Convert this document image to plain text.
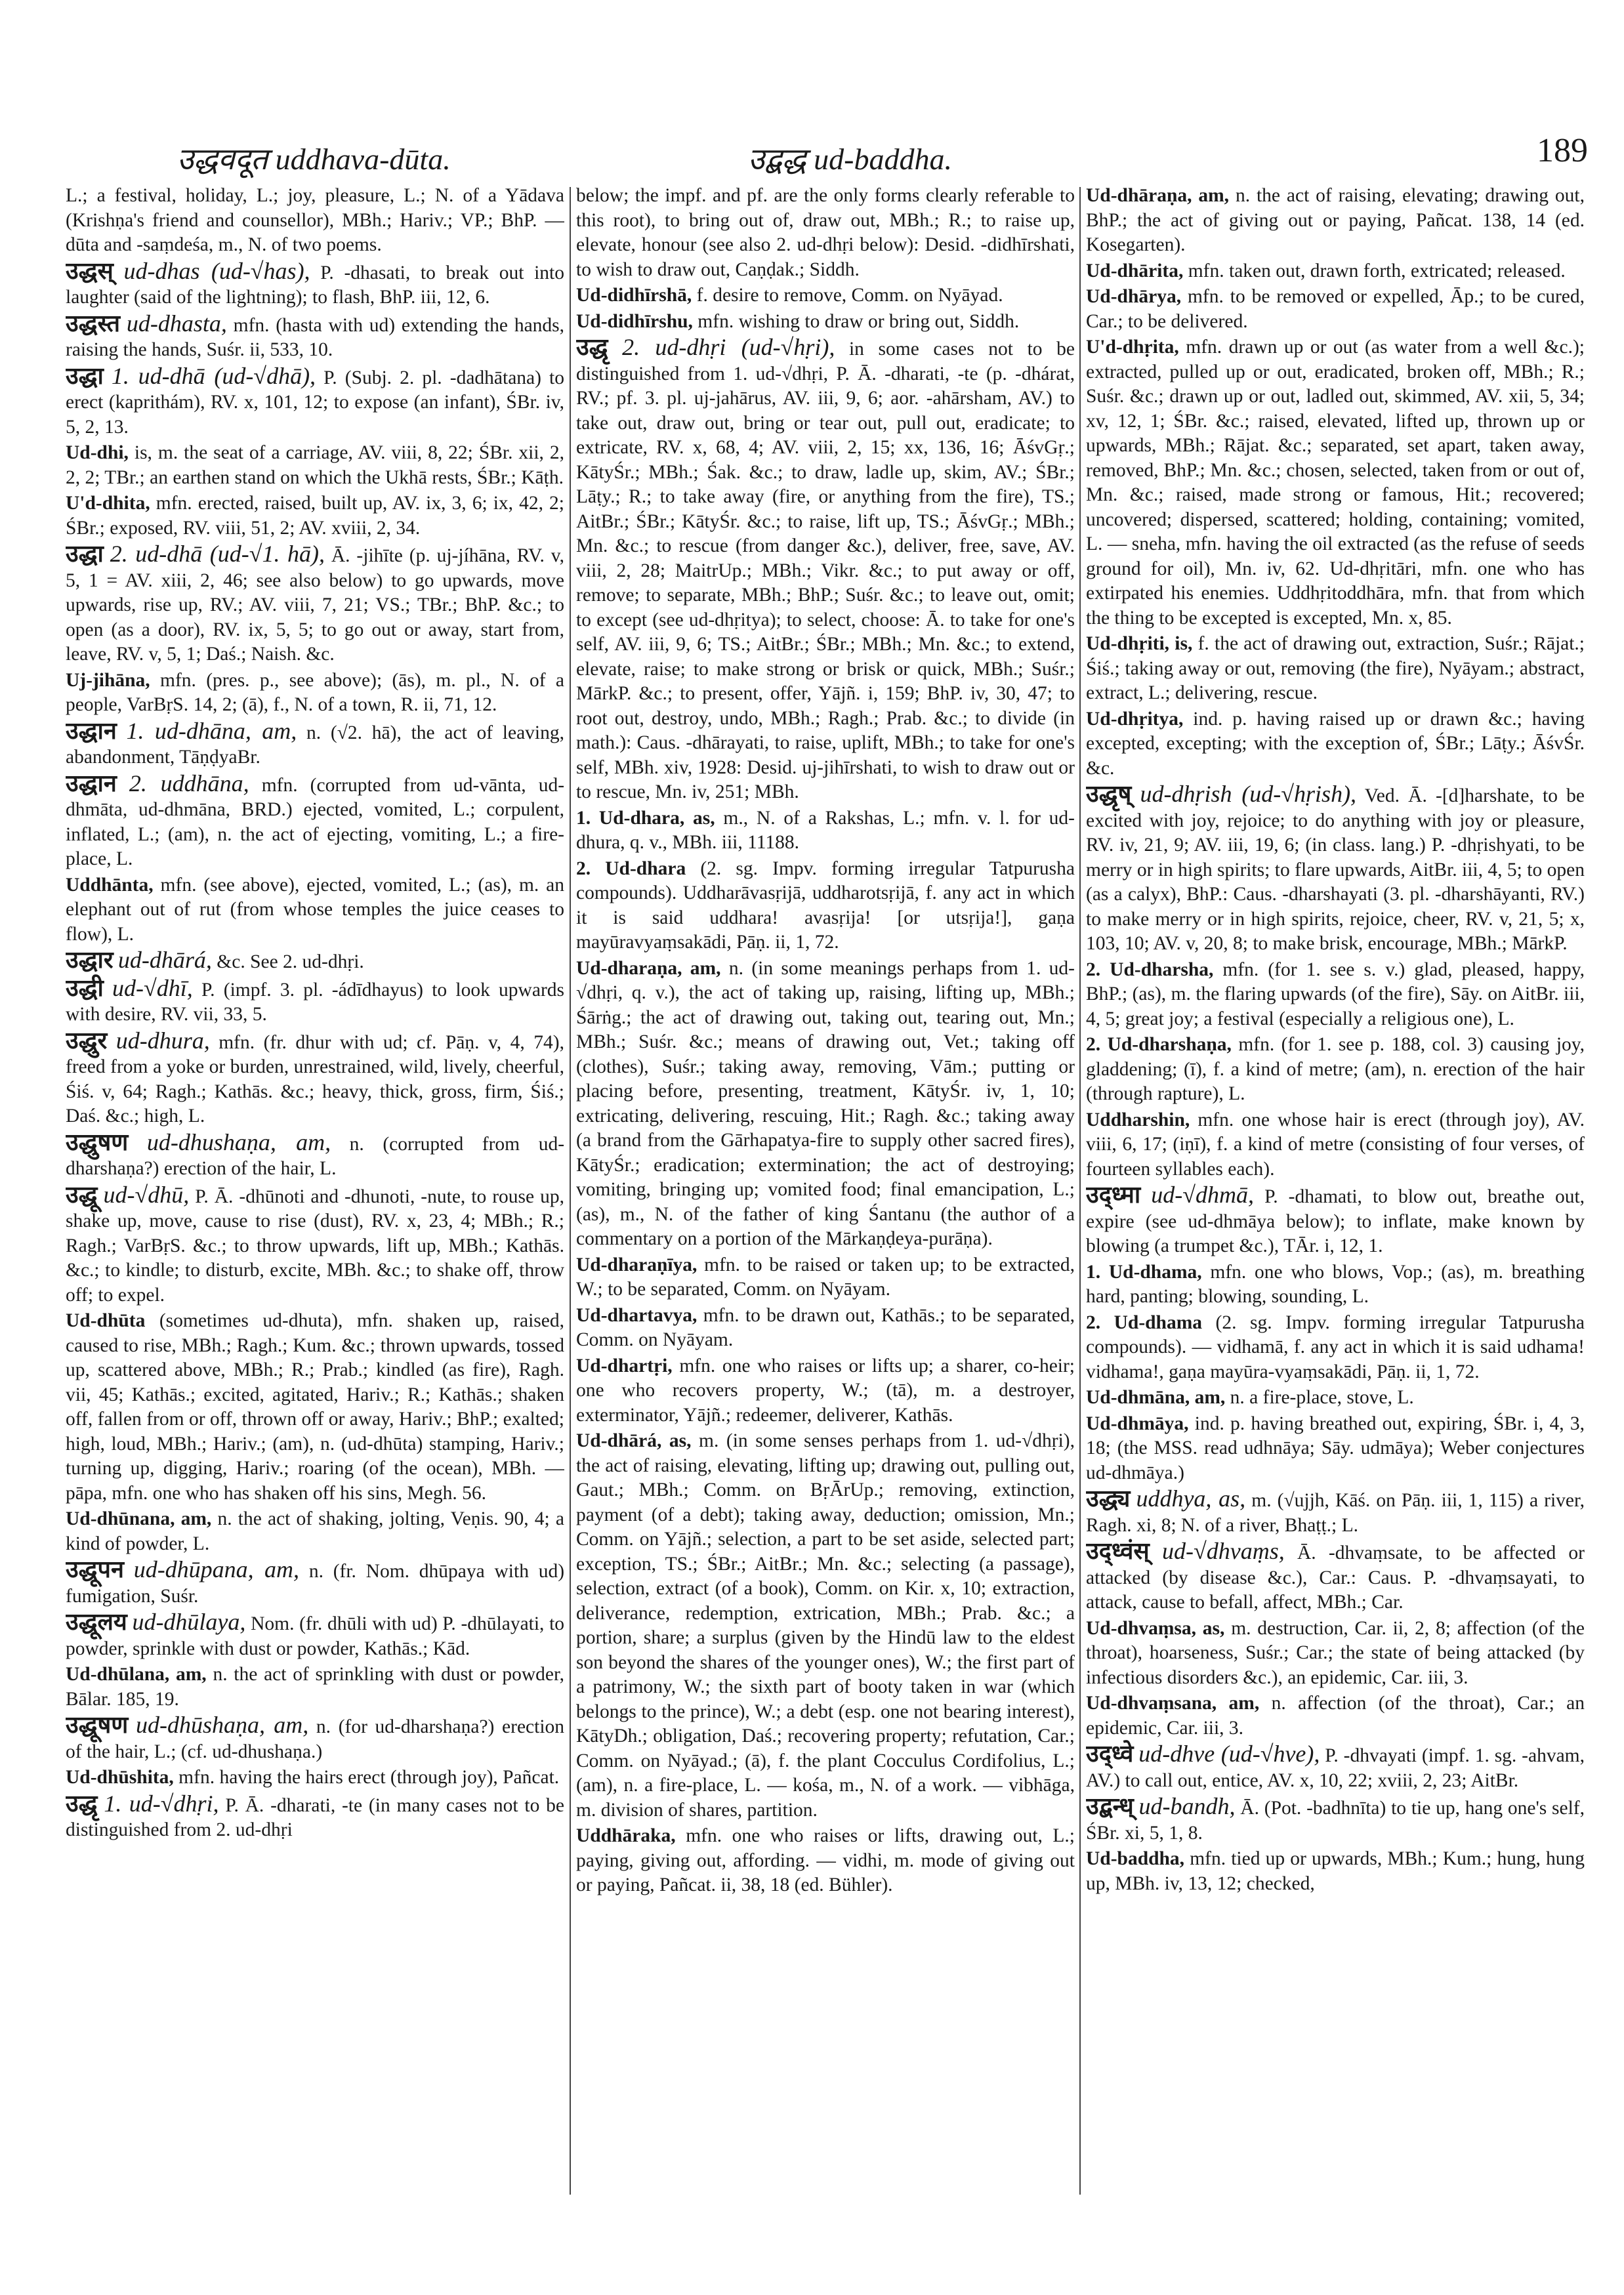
उद्धवदूत uddhava-dūta.	उद्बद्ध ud-baddha.	189

L.; a festival, holiday, L.; joy, pleasure, L.; N. of a Yādava (Krishṇa's friend and counsellor), MBh.; Hariv.; VP.; BhP. — dūta and -saṃdeśa, m., N. of two poems.

उद्धस् ud-dhas (ud-√has), P. -dhasati, to break out into laughter (said of the lightning); to flash, BhP. iii, 12, 6.

उद्धस्त ud-dhasta, mfn. (hasta with ud) extending the hands, raising the hands, Suśr. ii, 533, 10.

उद्धा 1. ud-dhā (ud-√dhā), P. (Subj. 2. pl. -dadhātana) to erect (kaprithám), RV. x, 101, 12; to expose (an infant), ŚBr. iv, 5, 2, 13.

Ud-dhi, is, m. the seat of a carriage, AV. viii, 8, 22; ŚBr. xii, 2, 2, 2; TBr.; an earthen stand on which the Ukhā rests, ŚBr.; Kāṭh.

U'd-dhita, mfn. erected, raised, built up, AV. ix, 3, 6; ix, 42, 2; ŚBr.; exposed, RV. viii, 51, 2; AV. xviii, 2, 34.

उद्धा 2. ud-dhā (ud-√1. hā), Ā. -jihīte (p. uj-jíhāna, RV. v, 5, 1 = AV. xiii, 2, 46; see also below) to go upwards, move upwards, rise up, RV.; AV. viii, 7, 21; VS.; TBr.; BhP. &c.; to open (as a door), RV. ix, 5, 5; to go out or away, start from, leave, RV. v, 5, 1; Daś.; Naish. &c.

Uj-jihāna, mfn. (pres. p., see above); (ās), m. pl., N. of a people, VarBṛS. 14, 2; (ā), f., N. of a town, R. ii, 71, 12.

उद्धान 1. ud-dhāna, am, n. (√2. hā), the act of leaving, abandonment, TāṇḍyaBr.

उद्धान 2. uddhāna, mfn. (corrupted from ud-vānta, ud-dhmāta, ud-dhmāna, BRD.) ejected, vomited, L.; corpulent, inflated, L.; (am), n. the act of ejecting, vomiting, L.; a fire-place, L.

Uddhānta, mfn. (see above), ejected, vomited, L.; (as), m. an elephant out of rut (from whose temples the juice ceases to flow), L.

उद्धार ud-dhārá, &c. See 2. ud-dhṛi.

उद्धी ud-√dhī, P. (impf. 3. pl. -ádīdhayus) to look upwards with desire, RV. vii, 33, 5.

उद्धुर ud-dhura, mfn. (fr. dhur with ud; cf. Pāṇ. v, 4, 74), freed from a yoke or burden, unrestrained, wild, lively, cheerful, Śiś. v, 64; Ragh.; Kathās. &c.; heavy, thick, gross, firm, Śiś.; Daś. &c.; high, L.

उद्धुषण ud-dhushaṇa, am, n. (corrupted from ud-dharshaṇa?) erection of the hair, L.

उद्धू ud-√dhū, P. Ā. -dhūnoti and -dhunoti, -nute, to rouse up, shake up, move, cause to rise (dust), RV. x, 23, 4; MBh.; R.; Ragh.; VarBṛS. &c.; to throw upwards, lift up, MBh.; Kathās. &c.; to kindle; to disturb, excite, MBh. &c.; to shake off, throw off; to expel.

Ud-dhūta (sometimes ud-dhuta), mfn. shaken up, raised, caused to rise, MBh.; Ragh.; Kum. &c.; thrown upwards, tossed up, scattered above, MBh.; R.; Prab.; kindled (as fire), Ragh. vii, 45; Kathās.; excited, agitated, Hariv.; R.; Kathās.; shaken off, fallen from or off, thrown off or away, Hariv.; BhP.; exalted; high, loud, MBh.; Hariv.; (am), n. (ud-dhūta) stamping, Hariv.; turning up, digging, Hariv.; roaring (of the ocean), MBh. — pāpa, mfn. one who has shaken off his sins, Megh. 56.

Ud-dhūnana, am, n. the act of shaking, jolting, Veṇis. 90, 4; a kind of powder, L.

उद्धूपन ud-dhūpana, am, n. (fr. Nom. dhūpaya with ud) fumigation, Suśr.

उद्धूलय ud-dhūlaya, Nom. (fr. dhūli with ud) P. -dhūlayati, to powder, sprinkle with dust or powder, Kathās.; Kād.

Ud-dhūlana, am, n. the act of sprinkling with dust or powder, Bālar. 185, 19.

उद्धूषण ud-dhūshaṇa, am, n. (for ud-dharshaṇa?) erection of the hair, L.; (cf. ud-dhushaṇa.)

Ud-dhūshita, mfn. having the hairs erect (through joy), Pañcat.

उद्धृ 1. ud-√dhṛi, P. Ā. -dharati, -te (in many cases not to be distinguished from 2. ud-dhṛi

below; the impf. and pf. are the only forms clearly referable to this root), to bring out of, draw out, MBh.; R.; to raise up, elevate, honour (see also 2. ud-dhṛi below): Desid. -didhīrshati, to wish to draw out, Caṇḍak.; Siddh.

Ud-didhīrshā, f. desire to remove, Comm. on Nyāyad.

Ud-didhīrshu, mfn. wishing to draw or bring out, Siddh.

उद्धृ 2. ud-dhṛi (ud-√hṛi), in some cases not to be distinguished from 1. ud-√dhṛi, P. Ā. -dharati, -te (p. -dhárat, RV.; pf. 3. pl. uj-jahārus, AV. iii, 9, 6; aor. -ahārsham, AV.) to take out, draw out, bring or tear out, pull out, eradicate; to extricate, RV. x, 68, 4; AV. viii, 2, 15; xx, 136, 16; ĀśvGṛ.; KātyŚr.; MBh.; Śak. &c.; to draw, ladle up, skim, AV.; ŚBr.; Lāṭy.; R.; to take away (fire, or anything from the fire), TS.; AitBr.; ŚBr.; KātyŚr. &c.; to raise, lift up, TS.; ĀśvGṛ.; MBh.; Mn. &c.; to rescue (from danger &c.), deliver, free, save, AV. viii, 2, 28; MaitrUp.; MBh.; Vikr. &c.; to put away or off, remove; to separate, MBh.; BhP.; Suśr. &c.; to leave out, omit; to except (see ud-dhṛitya); to select, choose: Ā. to take for one's self, AV. iii, 9, 6; TS.; AitBr.; ŚBr.; MBh.; Mn. &c.; to extend, elevate, raise; to make strong or brisk or quick, MBh.; Suśr.; MārkP. &c.; to present, offer, Yājñ. i, 159; BhP. iv, 30, 47; to root out, destroy, undo, MBh.; Ragh.; Prab. &c.; to divide (in math.): Caus. -dhārayati, to raise, uplift, MBh.; to take for one's self, MBh. xiv, 1928: Desid. uj-jihīrshati, to wish to draw out or to rescue, Mn. iv, 251; MBh.

1. Ud-dhara, as, m., N. of a Rakshas, L.; mfn. v. l. for ud-dhura, q. v., MBh. iii, 11188.

2. Ud-dhara (2. sg. Impv. forming irregular Tatpurusha compounds). Uddharāvasṛijā, uddharotsṛijā, f. any act in which it is said uddhara! avasṛija! [or utsṛija!], gaṇa mayūravyaṃsakādi, Pāṇ. ii, 1, 72.

Ud-dharaṇa, am, n. (in some meanings perhaps from 1. ud-√dhṛi, q. v.), the act of taking up, raising, lifting up, MBh.; Śārṅg.; the act of drawing out, taking out, tearing out, Mn.; MBh.; Suśr. &c.; means of drawing out, Vet.; taking off (clothes), Suśr.; taking away, removing, Vām.; putting or placing before, presenting, treatment, KātyŚr. iv, 1, 10; extricating, delivering, rescuing, Hit.; Ragh. &c.; taking away (a brand from the Gārhapatya-fire to supply other sacred fires), KātyŚr.; eradication; extermination; the act of destroying; vomiting, bringing up; vomited food; final emancipation, L.; (as), m., N. of the father of king Śantanu (the author of a commentary on a portion of the Mārkaṇḍeya-purāṇa).

Ud-dharaṇīya, mfn. to be raised or taken up; to be extracted, W.; to be separated, Comm. on Nyāyam.

Ud-dhartavya, mfn. to be drawn out, Kathās.; to be separated, Comm. on Nyāyam.

Ud-dhartṛi, mfn. one who raises or lifts up; a sharer, co-heir; one who recovers property, W.; (tā), m. a destroyer, exterminator, Yājñ.; redeemer, deliverer, Kathās.

Ud-dhārá, as, m. (in some senses perhaps from 1. ud-√dhṛi), the act of raising, elevating, lifting up; drawing out, pulling out, Gaut.; MBh.; Comm. on BṛĀrUp.; removing, extinction, payment (of a debt); taking away, deduction; omission, Mn.; Comm. on Yājñ.; selection, a part to be set aside, selected part; exception, TS.; ŚBr.; AitBr.; Mn. &c.; selecting (a passage), selection, extract (of a book), Comm. on Kir. x, 10; extraction, deliverance, redemption, extrication, MBh.; Prab. &c.; a portion, share; a surplus (given by the Hindū law to the eldest son beyond the shares of the younger ones), W.; the first part of a patrimony, W.; the sixth part of booty taken in war (which belongs to the prince), W.; a debt (esp. one not bearing interest), KātyDh.; obligation, Daś.; recovering property; refutation, Car.; Comm. on Nyāyad.; (ā), f. the plant Cocculus Cordifolius, L.; (am), n. a fire-place, L. — kośa, m., N. of a work. — vibhāga, m. division of shares, partition.

Uddhāraka, mfn. one who raises or lifts, drawing out, L.; paying, giving out, affording. — vidhi, m. mode of giving out or paying, Pañcat. ii, 38, 18 (ed. Bühler).

Ud-dhāraṇa, am, n. the act of raising, elevating; drawing out, BhP.; the act of giving out or paying, Pañcat. 138, 14 (ed. Kosegarten).

Ud-dhārita, mfn. taken out, drawn forth, extricated; released.

Ud-dhārya, mfn. to be removed or expelled, Āp.; to be cured, Car.; to be delivered.

U'd-dhṛita, mfn. drawn up or out (as water from a well &c.); extracted, pulled up or out, eradicated, broken off, MBh.; R.; Suśr. &c.; drawn up or out, ladled out, skimmed, AV. xii, 5, 34; xv, 12, 1; ŚBr. &c.; raised, elevated, lifted up, thrown up or upwards, MBh.; Rājat. &c.; separated, set apart, taken away, removed, BhP.; Mn. &c.; chosen, selected, taken from or out of, Mn. &c.; raised, made strong or famous, Hit.; recovered; uncovered; dispersed, scattered; holding, containing; vomited, L. — sneha, mfn. having the oil extracted (as the refuse of seeds ground for oil), Mn. iv, 62. Ud-dhṛitāri, mfn. one who has extirpated his enemies. Uddhṛitoddhāra, mfn. that from which the thing to be excepted is excepted, Mn. x, 85.

Ud-dhṛiti, is, f. the act of drawing out, extraction, Suśr.; Rājat.; Śiś.; taking away or out, removing (the fire), Nyāyam.; abstract, extract, L.; delivering, rescue.

Ud-dhṛitya, ind. p. having raised up or drawn &c.; having excepted, excepting; with the exception of, ŚBr.; Lāṭy.; ĀśvŚr. &c.

उद्धृष् ud-dhṛish (ud-√hṛish), Ved. Ā. -[d]harshate, to be excited with joy, rejoice; to do anything with joy or pleasure, RV. iv, 21, 9; AV. iii, 19, 6; (in class. lang.) P. -dhṛishyati, to be merry or in high spirits; to flare upwards, AitBr. iii, 4, 5; to open (as a calyx), BhP.: Caus. -dharshayati (3. pl. -dharshāyanti, RV.) to make merry or in high spirits, rejoice, cheer, RV. v, 21, 5; x, 103, 10; AV. v, 20, 8; to make brisk, encourage, MBh.; MārkP.

2. Ud-dharsha, mfn. (for 1. see s. v.) glad, pleased, happy, BhP.; (as), m. the flaring upwards (of the fire), Sāy. on AitBr. iii, 4, 5; great joy; a festival (especially a religious one), L.

2. Ud-dharshaṇa, mfn. (for 1. see p. 188, col. 3) causing joy, gladdening; (ī), f. a kind of metre; (am), n. erection of the hair (through rapture), L.

Uddharshin, mfn. one whose hair is erect (through joy), AV. viii, 6, 17; (iṇī), f. a kind of metre (consisting of four verses, of fourteen syllables each).

उद्ध्मा ud-√dhmā, P. -dhamati, to blow out, breathe out, expire (see ud-dhmāya below); to inflate, make known by blowing (a trumpet &c.), TĀr. i, 12, 1.

1. Ud-dhama, mfn. one who blows, Vop.; (as), m. breathing hard, panting; blowing, sounding, L.

2. Ud-dhama (2. sg. Impv. forming irregular Tatpurusha compounds). — vidhamā, f. any act in which it is said udhama! vidhama!, gaṇa mayūra-vyaṃsakādi, Pāṇ. ii, 1, 72.

Ud-dhmāna, am, n. a fire-place, stove, L.

Ud-dhmāya, ind. p. having breathed out, expiring, ŚBr. i, 4, 3, 18; (the MSS. read udhnāya; Sāy. udmāya); Weber conjectures ud-dhmāya.)

उद्ध्य uddhya, as, m. (√ujjh, Kāś. on Pāṇ. iii, 1, 115) a river, Ragh. xi, 8; N. of a river, Bhaṭṭ.; L.

उद्ध्वंस् ud-√dhvaṃs, Ā. -dhvaṃsate, to be affected or attacked (by disease &c.), Car.: Caus. P. -dhvaṃsayati, to attack, cause to befall, affect, MBh.; Car.

Ud-dhvaṃsa, as, m. destruction, Car. ii, 2, 8; affection (of the throat), hoarseness, Suśr.; Car.; the state of being attacked (by infectious disorders &c.), an epidemic, Car. iii, 3.

Ud-dhvaṃsana, am, n. affection (of the throat), Car.; an epidemic, Car. iii, 3.

उद्ध्वे ud-dhve (ud-√hve), P. -dhvayati (impf. 1. sg. -ahvam, AV.) to call out, entice, AV. x, 10, 22; xviii, 2, 23; AitBr.

उद्बन्ध् ud-bandh, Ā. (Pot. -badhnīta) to tie up, hang one's self, ŚBr. xi, 5, 1, 8.

Ud-baddha, mfn. tied up or upwards, MBh.; Kum.; hung, hung up, MBh. iv, 13, 12; checked,
